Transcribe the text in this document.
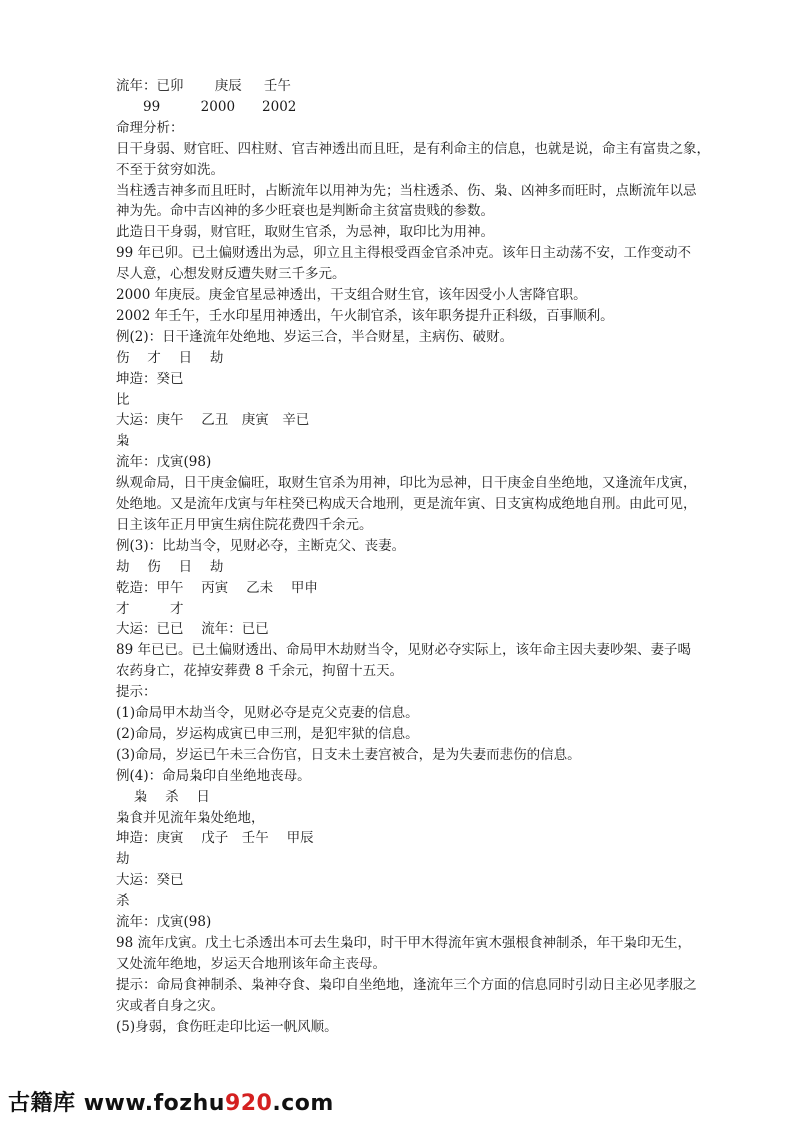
流年：已卯　　 庚辰 　 壬午
　　99　　　2000　　2002
命理分析：
日干身弱、财官旺、四柱财、官吉神透出而且旺，是有利命主的信息，也就是说，命主有富贵之象，
不至于贫穷如洗。
当柱透吉神多而且旺时，占断流年以用神为先；当柱透杀、伤、枭、凶神多而旺时，点断流年以忌
神为先。命中吉凶神的多少旺衰也是判断命主贫富贵贱的参数。
此造日干身弱，财官旺，取财生官杀，为忌神，取印比为用神。
99 年已卯。已土偏财透出为忌，卯立且主得根受酉金官杀冲克。该年日主动荡不安，工作变动不
尽人意，心想发财反遭失财三千多元。
2000 年庚辰。庚金官星忌神透出，干支组合财生官，该年因受小人害降官职。
2002 年壬午，壬水印星用神透出，午火制官杀，该年职务提升正科级，百事顺利。
例(2)：日干逢流年处绝地、岁运三合，半合财星，主病伤、破财。
伤　 才　 日　 劫
坤造：癸已
比
大运：庚午　 乙丑　庚寅　辛已
枭
流年：戊寅(98)
纵观命局，日干庚金偏旺，取财生官杀为用神，印比为忌神，日干庚金自坐绝地，又逢流年戊寅，
处绝地。又是流年戊寅与年柱癸已构成天合地刑，更是流年寅、日支寅构成绝地自刑。由此可见，
日主该年正月甲寅生病住院花费四千余元。
例(3)：比劫当令，见财必夺，主断克父、丧妻。
劫　 伤　 日　 劫
乾造：甲午　 丙寅　 乙未　 甲申
才　　　才
大运：已已　 流年：已已
89 年已已。已土偏财透出、命局甲木劫财当令，见财必夺实际上，该年命主因夫妻吵架、妻子喝
农药身亡，花掉安葬费 8 千余元，拘留十五天。
提示：
(1)命局甲木劫当令，见财必夺是克父克妻的信息。
(2)命局，岁运构成寅已申三刑，是犯牢狱的信息。
(3)命局，岁运已午未三合伤官，日支未土妻宫被合，是为失妻而悲伤的信息。
例(4)：命局枭印自坐绝地丧母。
　 枭　 杀　 日
枭食并见流年枭处绝地，
坤造：庚寅　 戊子　壬午　 甲辰
劫
大运：癸已
杀
流年：戊寅(98)
98 流年戊寅。戊土七杀透出本可去生枭印，时干甲木得流年寅木强根食神制杀，年干枭印无生，
又处流年绝地，岁运天合地刑该年命主丧母。
提示：命局食神制杀、枭神夺食、枭印自坐绝地，逢流年三个方面的信息同时引动日主必见孝服之
灾或者自身之灾。
(5)身弱，食伤旺走印比运一帆风顺。
古籍库 www.fozhu920.com
